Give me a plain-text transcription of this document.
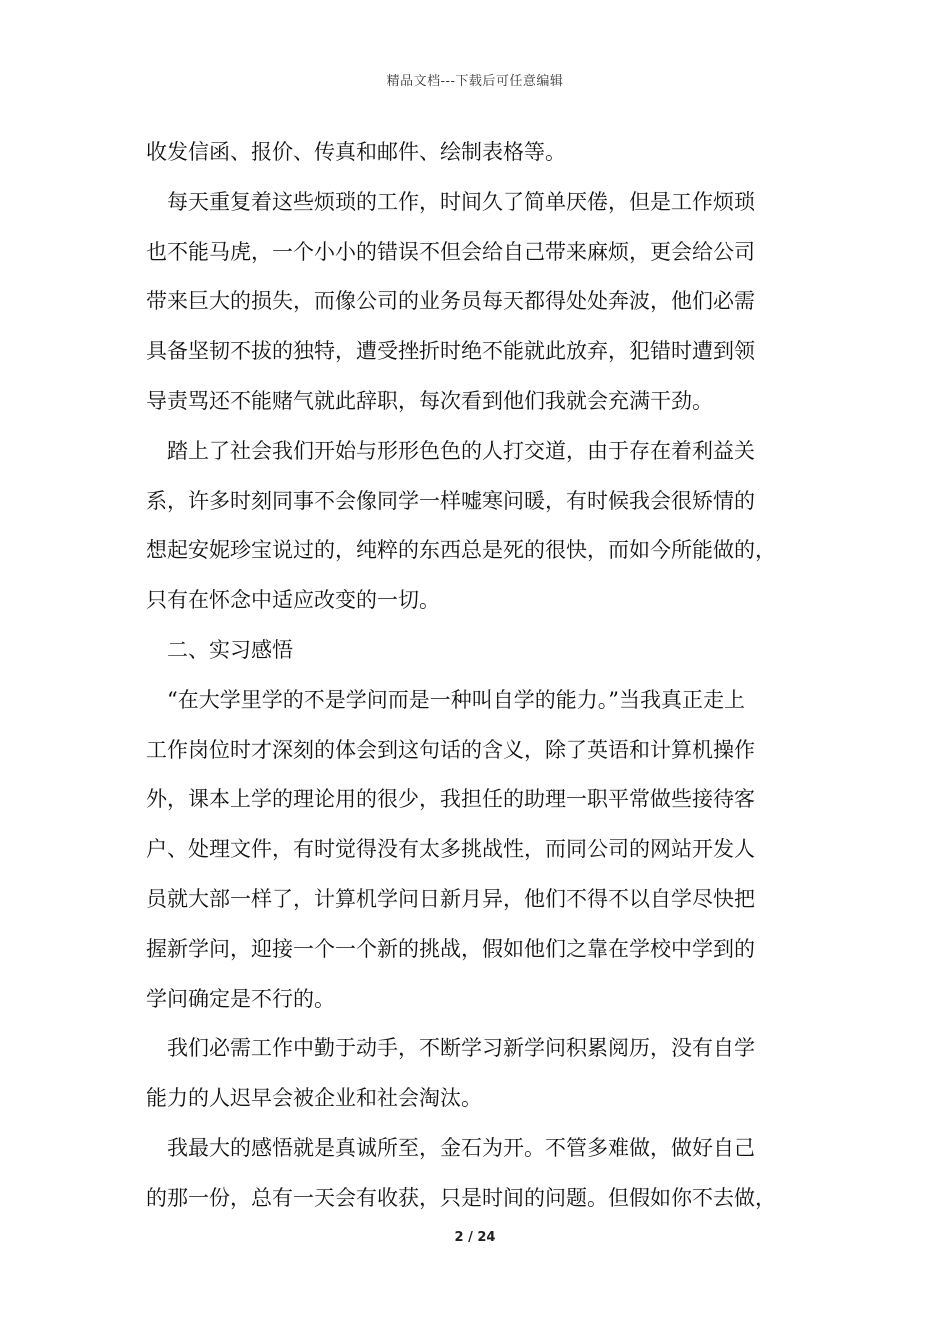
精品文档---下载后可任意编辑
收发信函、报价、传真和邮件、绘制表格等。
每天重复着这些烦琐的工作，时间久了简单厌倦，但是工作烦琐
也不能马虎，一个小小的错误不但会给自己带来麻烦，更会给公司
带来巨大的损失，而像公司的业务员每天都得处处奔波，他们必需
具备坚韧不拔的独特，遭受挫折时绝不能就此放弃，犯错时遭到领
导责骂还不能赌气就此辞职，每次看到他们我就会充满干劲。
踏上了社会我们开始与形形色色的人打交道，由于存在着利益关
系，许多时刻同事不会像同学一样嘘寒问暖，有时候我会很矫情的
想起安妮珍宝说过的，纯粹的东西总是死的很快，而如今所能做的，
只有在怀念中适应改变的一切。
二、实习感悟
“在大学里学的不是学问而是一种叫自学的能力。”当我真正走上
工作岗位时才深刻的体会到这句话的含义，除了英语和计算机操作
外，课本上学的理论用的很少，我担任的助理一职平常做些接待客
户、处理文件，有时觉得没有太多挑战性，而同公司的网站开发人
员就大部一样了，计算机学问日新月异，他们不得不以自学尽快把
握新学问，迎接一个一个新的挑战，假如他们之靠在学校中学到的
学问确定是不行的。
我们必需工作中勤于动手，不断学习新学问积累阅历，没有自学
能力的人迟早会被企业和社会淘汰。
我最大的感悟就是真诚所至，金石为开。不管多难做，做好自己
的那一份，总有一天会有收获，只是时间的问题。但假如你不去做，
2 / 24
